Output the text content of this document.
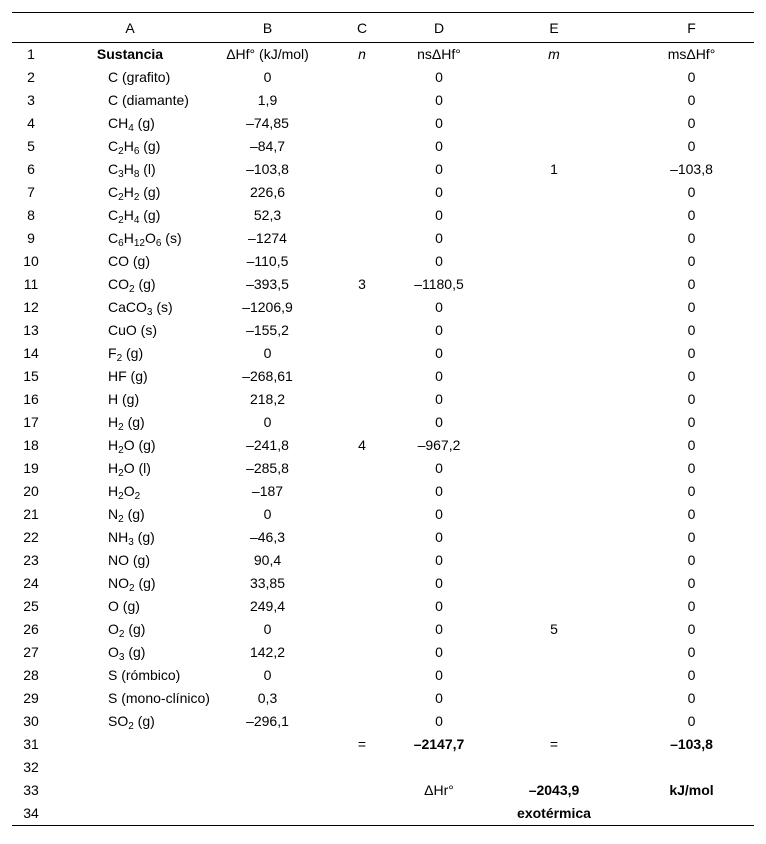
	A	B	C	D	E	F
1	Sustancia	ΔHf° (kJ/mol)	n	nsΔHf°	m	msΔHf°
2	C (grafito)	0		0		0
3	C (diamante)	1,9		0		0
4	$CH_4$ (g)	–74,85		0		0
5	$C_2H_6$ (g)	–84,7		0		0
6	$C_3H_8$ (l)	–103,8		0	1	–103,8
7	$C_2H_2$ (g)	226,6		0		0
8	$C_2H_4$ (g)	52,3		0		0
9	$C_6H_{12}O_6$ (s)	–1274		0		0
10	CO (g)	–110,5		0		0
11	$CO_2$ (g)	–393,5	3	–1180,5		0
12	CaCO$_3$ (s)	–1206,9		0		0
13	CuO (s)	–155,2		0		0
14	$F_2$ (g)	0		0		0
15	HF (g)	–268,61		0		0
16	H (g)	218,2		0		0
17	$H_2$ (g)	0		0		0
18	$H_2O$ (g)	–241,8	4	–967,2		0
19	$H_2O$ (l)	–285,8		0		0
20	$H_2O_2$	–187		0		0
21	$N_2$ (g)	0		0		0
22	$NH_3$ (g)	–46,3		0		0
23	NO (g)	90,4		0		0
24	$NO_2$ (g)	33,85		0		0
25	O (g)	249,4		0		0
26	$O_2$ (g)	0		0	5	0
27	$O_3$ (g)	142,2		0		0
28	S (rómbico)	0		0		0
29	S (mono-clínico)	0,3		0		0
30	$SO_2$ (g)	–296,1		0		0
31			=	–2147,7	=	–103,8
32						
33				ΔHr°	–2043,9	kJ/mol
34					exotérmica	
